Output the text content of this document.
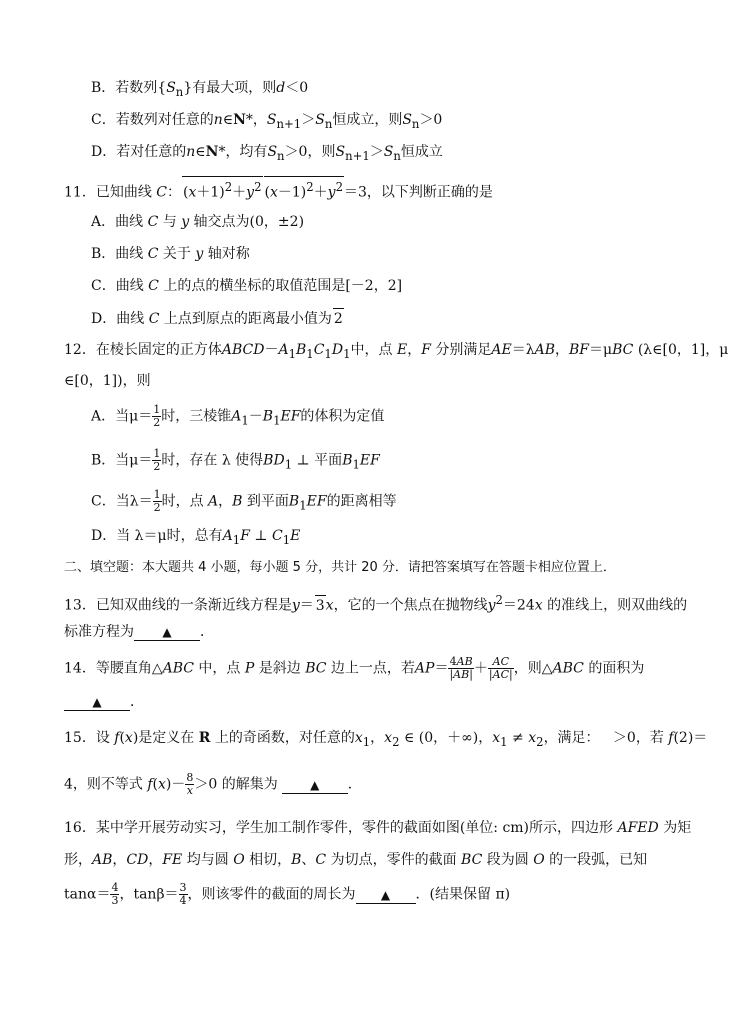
B．若数列$\{S_n\}$有最大项，则d＜0
C．若数列对任意的n∈N*，$S_{n+1}>S_n$恒成立，则$S_n>0$
D．若对任意的n∈N*，均有$S_n>0$，则$S_{n+1}>S_n$恒成立
11．已知曲线 C： $(x+1)^2+y^2$ $(x-1)^2+y^2=3$，以下判断正确的是
A．曲线 C 与 y 轴交点为(0，±2)
B．曲线 C 关于 y 轴对称
C．曲线 C 上的点的横坐标的取值范围是[－2，2]
D．曲线 C 上点到原点的距离最小值为 2
12．在棱长固定的正方体$ABCD-A_1B_1C_1D_1$中，点 E，F 分别满足AE＝λAB，BF＝μBC (λ∈[0，1]，μ
∈[0，1])，则
A．当$\mu= \frac{1}{2}$ 时，三棱锥$A_1-B_1EF$的体积为定值
B．当$\mu= \frac{1}{2}$ 时，存在 λ 使得$BD_1$ ⊥ 平面$B_1EF$
C．当$\lambda= \frac{1}{2}$ 时，点 A，B 到平面$B_1EF$的距离相等
D．当 λ＝μ时，总有$A_1F$ ⊥ $C_1E$
二、填空题：本大题共 4 小题，每小题 5 分，共计 20 分．请把答案填写在答题卡相应位置上．
13．已知双曲线的一条渐近线方程是y＝ 3x，它的一个焦点在抛物线$y^2=24x$ 的准线上，则双曲线的
标准方程为 ▲ ．
14．等腰直角△ABC 中，点 P 是斜边 BC 边上一点，若$AP= \frac{4AB}{|AB|} + \frac{AC}{|AC|}$ ，则△ABC 的面积为
▲ ．
15．设 f(x)是定义在 R 上的奇函数，对任意的$x_1$，$x_2$ ∈ (0，＋∞)，$x_1 \ne x_2$，满足：   ＞0，若 f(2)＝
4，则不等式 $f(x)- \frac{8}{x} >0$ 的解集为	▲ ．
16．某中学开展劳动实习，学生加工制作零件，零件的截面如图(单位: cm)所示，四边形 AFED 为矩
形，AB，CD，FE 均与圆 O 相切，B、C 为切点，零件的截面 BC 段为圆 O 的一段弧，已知
$\tan\alpha= \frac{4}{3}$ ，$\tan\beta= \frac{3}{4}$ ，则该零件的截面的周长为 ▲ ．(结果保留 π)
